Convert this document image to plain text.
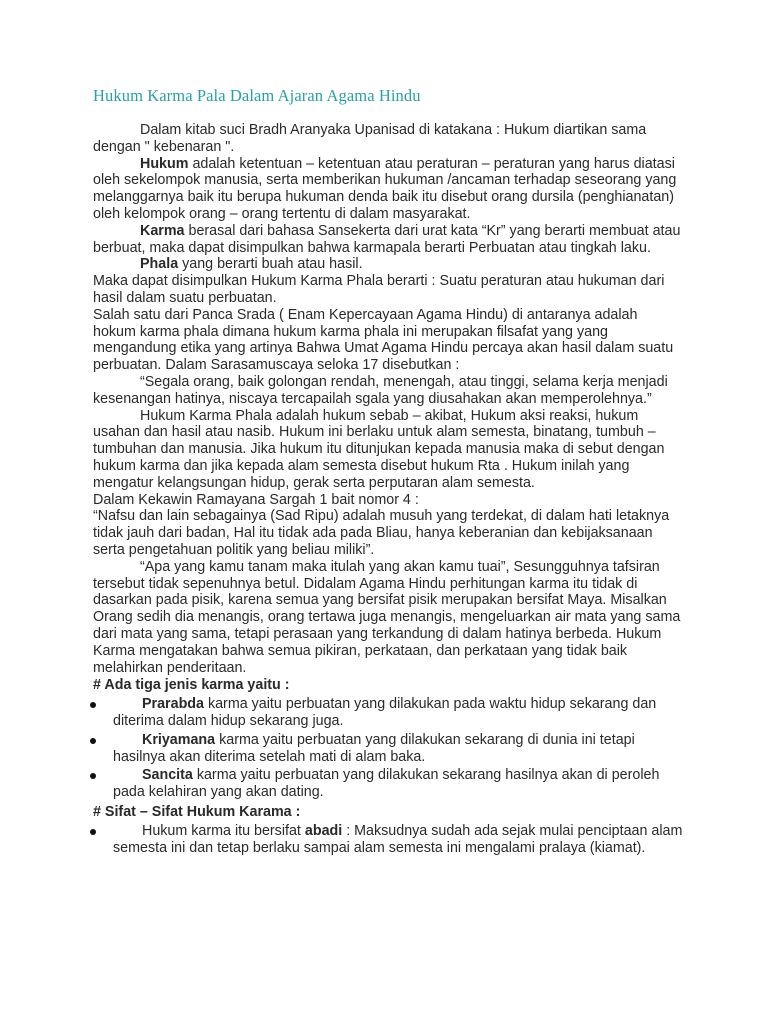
Hukum Karma Pala Dalam Ajaran Agama Hindu

Dalam kitab suci Bradh Aranyaka Upanisad di katakana : Hukum diartikan sama dengan " kebenaran ".

Hukum adalah ketentuan – ketentuan atau peraturan – peraturan yang harus diatasi oleh sekelompok manusia, serta memberikan hukuman /ancaman terhadap seseorang yang melanggarnya baik itu berupa hukuman denda baik itu disebut orang dursila (penghianatan) oleh kelompok orang – orang tertentu di dalam masyarakat.

Karma berasal dari bahasa Sansekerta dari urat kata “Kr” yang berarti membuat atau berbuat, maka dapat disimpulkan bahwa karmapala berarti Perbuatan atau tingkah laku.

Phala yang berarti buah atau hasil.

Maka dapat disimpulkan Hukum Karma Phala berarti : Suatu peraturan atau hukuman dari hasil dalam suatu perbuatan.

Salah satu dari Panca Srada ( Enam Kepercayaan Agama Hindu) di antaranya adalah hokum karma phala dimana hukum karma phala ini merupakan filsafat yang yang mengandung etika yang artinya Bahwa Umat Agama Hindu percaya akan hasil dalam suatu perbuatan. Dalam Sarasamuscaya seloka 17 disebutkan :

“Segala orang, baik golongan rendah, menengah, atau tinggi, selama kerja menjadi kesenangan hatinya, niscaya tercapailah sgala yang diusahakan akan memperolehnya.”

Hukum Karma Phala adalah hukum sebab – akibat, Hukum aksi reaksi, hukum usahan dan hasil atau nasib. Hukum ini berlaku untuk alam semesta, binatang, tumbuh – tumbuhan dan manusia. Jika hukum itu ditunjukan kepada manusia maka di sebut dengan hukum karma dan jika kepada alam semesta disebut hukum Rta . Hukum inilah yang mengatur kelangsungan hidup, gerak serta perputaran alam semesta.

Dalam Kekawin Ramayana Sargah 1 bait nomor 4 :

“Nafsu dan lain sebagainya (Sad Ripu) adalah musuh yang terdekat, di dalam hati letaknya tidak jauh dari badan, Hal itu tidak ada pada Bliau, hanya keberanian dan kebijaksanaan serta pengetahuan politik yang beliau miliki”.

“Apa yang kamu tanam maka itulah yang akan kamu tuai”, Sesungguhnya tafsiran tersebut tidak sepenuhnya betul. Didalam Agama Hindu perhitungan karma itu tidak di dasarkan pada pisik, karena semua yang bersifat pisik merupakan bersifat Maya. Misalkan Orang sedih dia menangis, orang tertawa juga menangis, mengeluarkan air mata yang sama dari mata yang sama, tetapi perasaan yang terkandung di dalam hatinya berbeda. Hukum Karma mengatakan bahwa semua pikiran, perkataan, dan perkataan yang tidak baik melahirkan penderitaan.

# Ada tiga jenis karma yaitu :

Prarabda karma yaitu perbuatan yang dilakukan pada waktu hidup sekarang dan diterima dalam hidup sekarang juga.
Kriyamana karma yaitu perbuatan yang dilakukan sekarang di dunia ini tetapi hasilnya akan diterima setelah mati di alam baka.
Sancita karma yaitu perbuatan yang dilakukan sekarang hasilnya akan di peroleh pada kelahiran yang akan dating.

# Sifat – Sifat Hukum Karama :

Hukum karma itu bersifat abadi : Maksudnya sudah ada sejak mulai penciptaan alam semesta ini dan tetap berlaku sampai alam semesta ini mengalami pralaya (kiamat).
